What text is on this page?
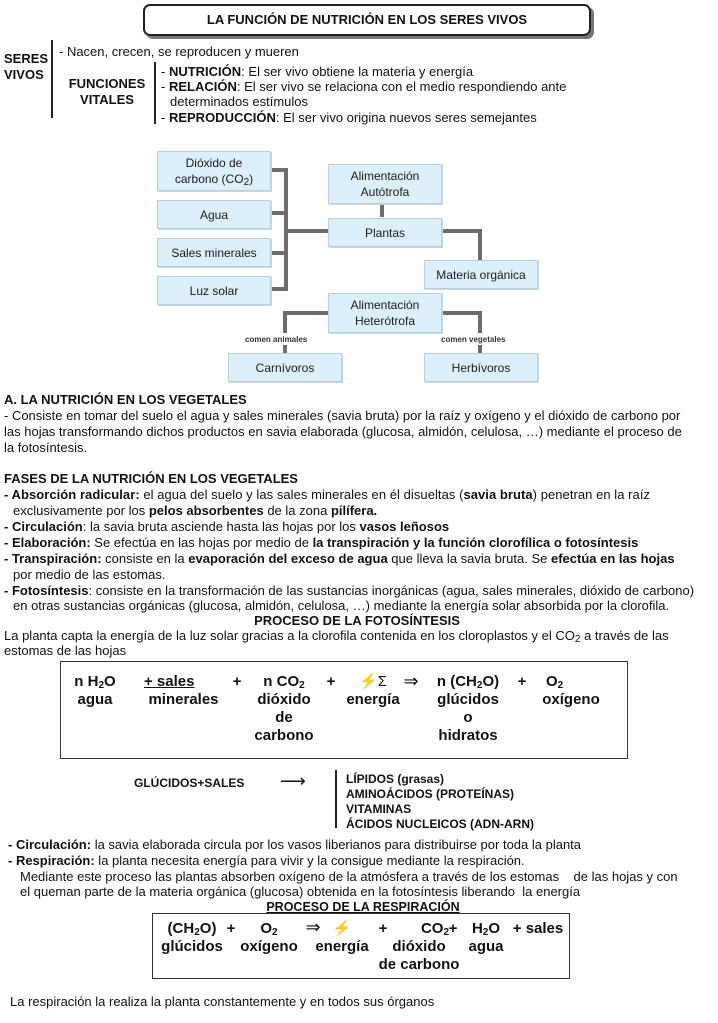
LA FUNCIÓN DE NUTRICIÓN EN LOS SERES VIVOS
SERES
VIVOS
- Nacen, crecen, se reproducen y mueren
FUNCIONES
VITALES
- NUTRICIÓN: El ser vivo obtiene la materia y energía
- RELACIÓN: El ser vivo se relaciona con el medio respondiendo ante
determinados estímulos
- REPRODUCCIÓN: El ser vivo origina nuevos seres semejantes
Dióxido de
carbono $(CO_2)$
Agua
Sales minerales
Luz solar
Alimentación
Autótrofa
Plantas
Materia orgánica
Alimentación
Heterótrofa
comen animales	comen vegetales
Carnívoros	Herbívoros
A. LA NUTRICIÓN EN LOS VEGETALES
- Consiste en tomar del suelo el agua y sales minerales (savia bruta) por la raíz y oxígeno y el dióxido de carbono por
las hojas transformando dichos productos en savia elaborada (glucosa, almidón, celulosa, …) mediante el proceso de
la fotosíntesis.
FASES DE LA NUTRICIÓN EN LOS VEGETALES
- Absorción radicular: el agua del suelo y las sales minerales en él disueltas (savia bruta) penetran en la raíz
exclusivamente por los pelos absorbentes de la zona pilífera.
- Circulación: la savia bruta asciende hasta las hojas por los vasos leñosos
- Elaboración: Se efectúa en las hojas por medio de la transpiración y la función clorofílica o fotosíntesis
- Transpiración: consiste en la evaporación del exceso de agua que lleva la savia bruta. Se efectúa en las hojas
por medio de las estomas.
- Fotosíntesis: consiste en la transformación de las sustancias inorgánicas (agua, sales minerales, dióxido de carbono)
en otras sustancias orgánicas (glucosa, almidón, celulosa, …) mediante la energía solar absorbida por la clorofila.
PROCESO DE LA FOTOSÍNTESIS
La planta capta la energía de la luz solar gracias a la clorofila contenida en los cloroplastos y el $CO_2$ a través de las
estomas de las hojas
n $H_2O$
agua
+ sales
minerales
+	n $CO_2$
dióxido
de
carbono
+	⚡Σ
energía
⇒	n $(CH_2O)$
glúcidos
o
hidratos
+	$O_2$
oxígeno
GLÚCIDOS+SALES ⟶	LÍPIDOS (grasas)
AMINOÁCIDOS (PROTEÍNAS)
VITAMINAS
ÁCIDOS NUCLEICOS (ADN-ARN)
- Circulación: la savia elaborada circula por los vasos liberianos para distribuirse por toda la planta
- Respiración: la planta necesita energía para vivir y la consigue mediante la respiración.
Mediante este proceso las plantas absorben oxígeno de la atmósfera a través de los estomas    de las hojas y con
el queman parte de la materia orgánica (glucosa) obtenida en la fotosíntesis liberando  la energía
PROCESO DE LA RESPIRACIÓN
$(CH_2O)$
glúcidos
+	$O_2$
oxígeno
⇒ ⚡
energía
+	$CO_2$
dióxido
de carbono
+ $H_2O$
agua
+ sales
La respiración la realiza la planta constantemente y en todos sus órganos
